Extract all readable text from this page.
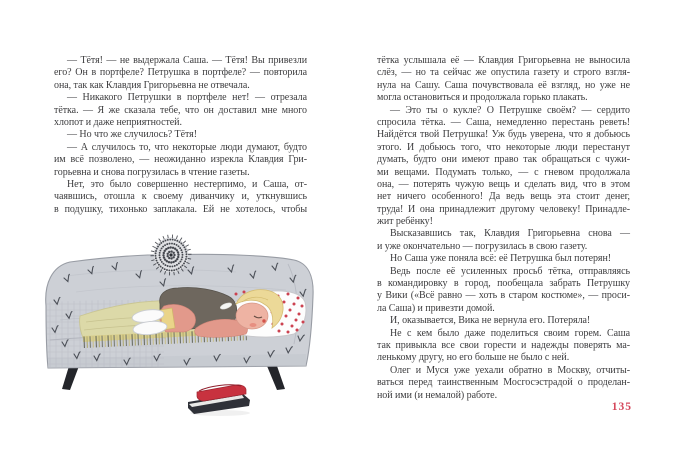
— Тётя! — не выдержала Саша. — Тётя! Вы привезли
его? Он в портфеле? Петрушка в портфеле? — повторила
она, так как Клавдия Григорьевна не отвечала.
— Никакого Петрушки в портфеле нет! — отрезала
тётка. — Я же сказала тебе, что он доставил мне много
хлопот и даже неприятностей.
— Но что же случилось? Тётя!
— А случилось то, что некоторые люди думают, будто
им всё позволено, — неожиданно изрекла Клавдия Гри-
горьевна и снова погрузилась в чтение газеты.
Нет, это было совершенно нестерпимо, и Саша, от-
чаявшись, отошла к своему диванчику и, уткнувшись
в подушку, тихонько заплакала. Ей не хотелось, чтобы
тётка услышала её — Клавдия Григорьевна не выносила
слёз, — но та сейчас же опустила газету и строго взгля-
нула на Сашу. Саша почувствовала её взгляд, но уже не
могла остановиться и продолжала горько плакать.
— Это ты о кукле? О Петрушке своём? — сердито
спросила тётка. — Саша, немедленно перестань реветь!
Найдётся твой Петрушка! Уж будь уверена, что я добьюсь
этого. И добьюсь того, что некоторые люди перестанут
думать, будто они имеют право так обращаться с чужи-
ми вещами. Подумать только, — с гневом продолжала
она, — потерять чужую вещь и сделать вид, что в этом
нет ничего особенного! Да ведь вещь эта стоит денег,
труда! И она принадлежит другому человеку! Принадле-
жит ребёнку!
Высказавшись так, Клавдия Григорьевна снова —
и уже окончательно — погрузилась в свою газету.
Но Саша уже поняла всё: её Петрушка был потерян!
Ведь после её усиленных просьб тётка, отправляясь
в командировку в город, пообещала забрать Петрушку
у Вики («Всё равно — хоть в старом костюме», — проси-
ла Саша) и привезти домой.
И, оказывается, Вика не вернула его. Потеряла!
Не с кем было даже поделиться своим горем. Саша
так привыкла все свои горести и надежды поверять ма-
ленькому другу, но его больше не было с ней.
Олег и Муся уже уехали обратно в Москву, отчиты-
ваться перед таинственным Мосгосэстрадой о проделан-
ной ими (и немалой) работе.
135
